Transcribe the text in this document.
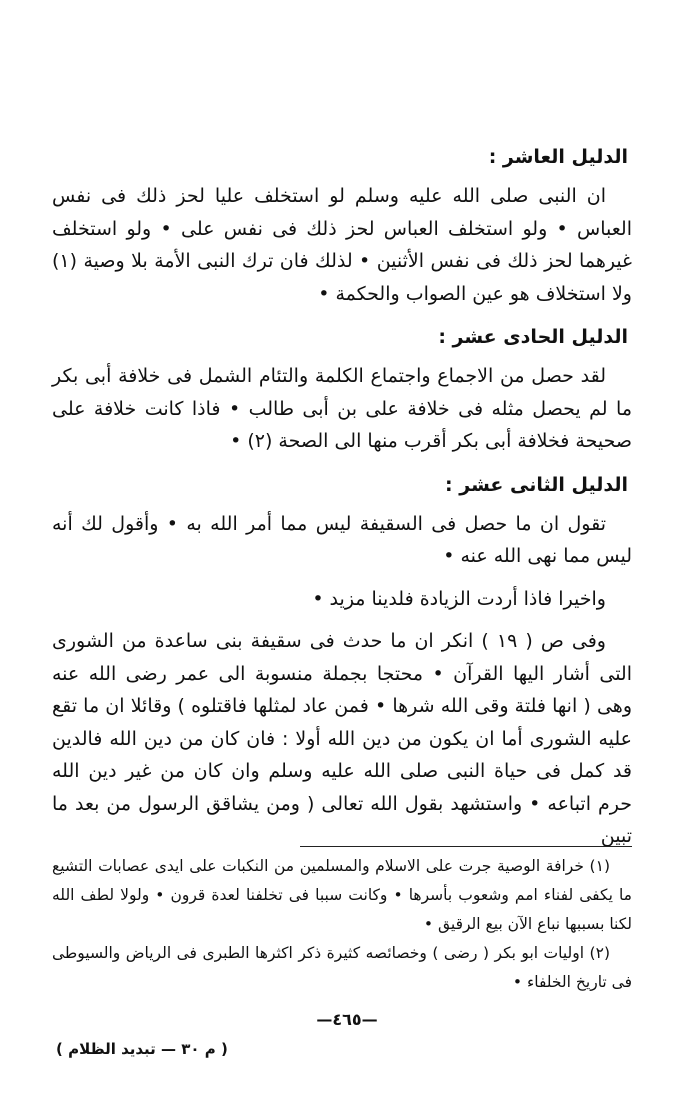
الدليل العاشر :

ان النبى صلى الله عليه وسلم لو استخلف عليا لحز ذلك فى نفس العباس • ولو استخلف العباس لحز ذلك فى نفس على • ولو استخلف غيرهما لحز ذلك فى نفس الأثنين • لذلك فان ترك النبى الأمة بلا وصية (١) ولا استخلاف هو عين الصواب والحكمة •

الدليل الحادى عشر :

لقد حصل من الاجماع واجتماع الكلمة والتئام الشمل فى خلافة أبى بكر ما لم يحصل مثله فى خلافة على بن أبى طالب • فاذا كانت خلافة على صحيحة فخلافة أبى بكر أقرب منها الى الصحة (٢) •

الدليل الثانى عشر :

تقول ان ما حصل فى السقيفة ليس مما أمر الله به • وأقول لك أنه ليس مما نهى الله عنه •

واخيرا فاذا أردت الزيادة فلدينا مزيد •

وفى ص ( ١٩ ) انكر ان ما حدث فى سقيفة بنى ساعدة من الشورى التى أشار اليها القرآن • محتجا بجملة منسوبة الى عمر رضى الله عنه وهى ( انها فلتة وقى الله شرها • فمن عاد لمثلها فاقتلوه ) وقائلا ان ما تقع عليه الشورى أما ان يكون من دين الله أولا : فان كان من دين الله فالدين قد كمل فى حياة النبى صلى الله عليه وسلم وان كان من غير دين الله حرم اتباعه • واستشهد بقول الله تعالى ( ومن يشاقق الرسول من بعد ما تبين

(١) خرافة الوصية جرت على الاسلام والمسلمين من النكبات على ايدى عصابات التشيع ما يكفى لفناء امم وشعوب بأسرها • وكانت سببا فى تخلفنا لعدة قرون • ولولا لطف الله لكنا بسببها نباع الآن بيع الرقيق •

(٢) اوليات ابو بكر ( رضى ) وخصائصه كثيرة ذكر اكثرها الطبرى فى الرياض والسيوطى فى تاريخ الخلفاء •

—٤٦٥—
( م ٣٠ — تبديد الظلام )
